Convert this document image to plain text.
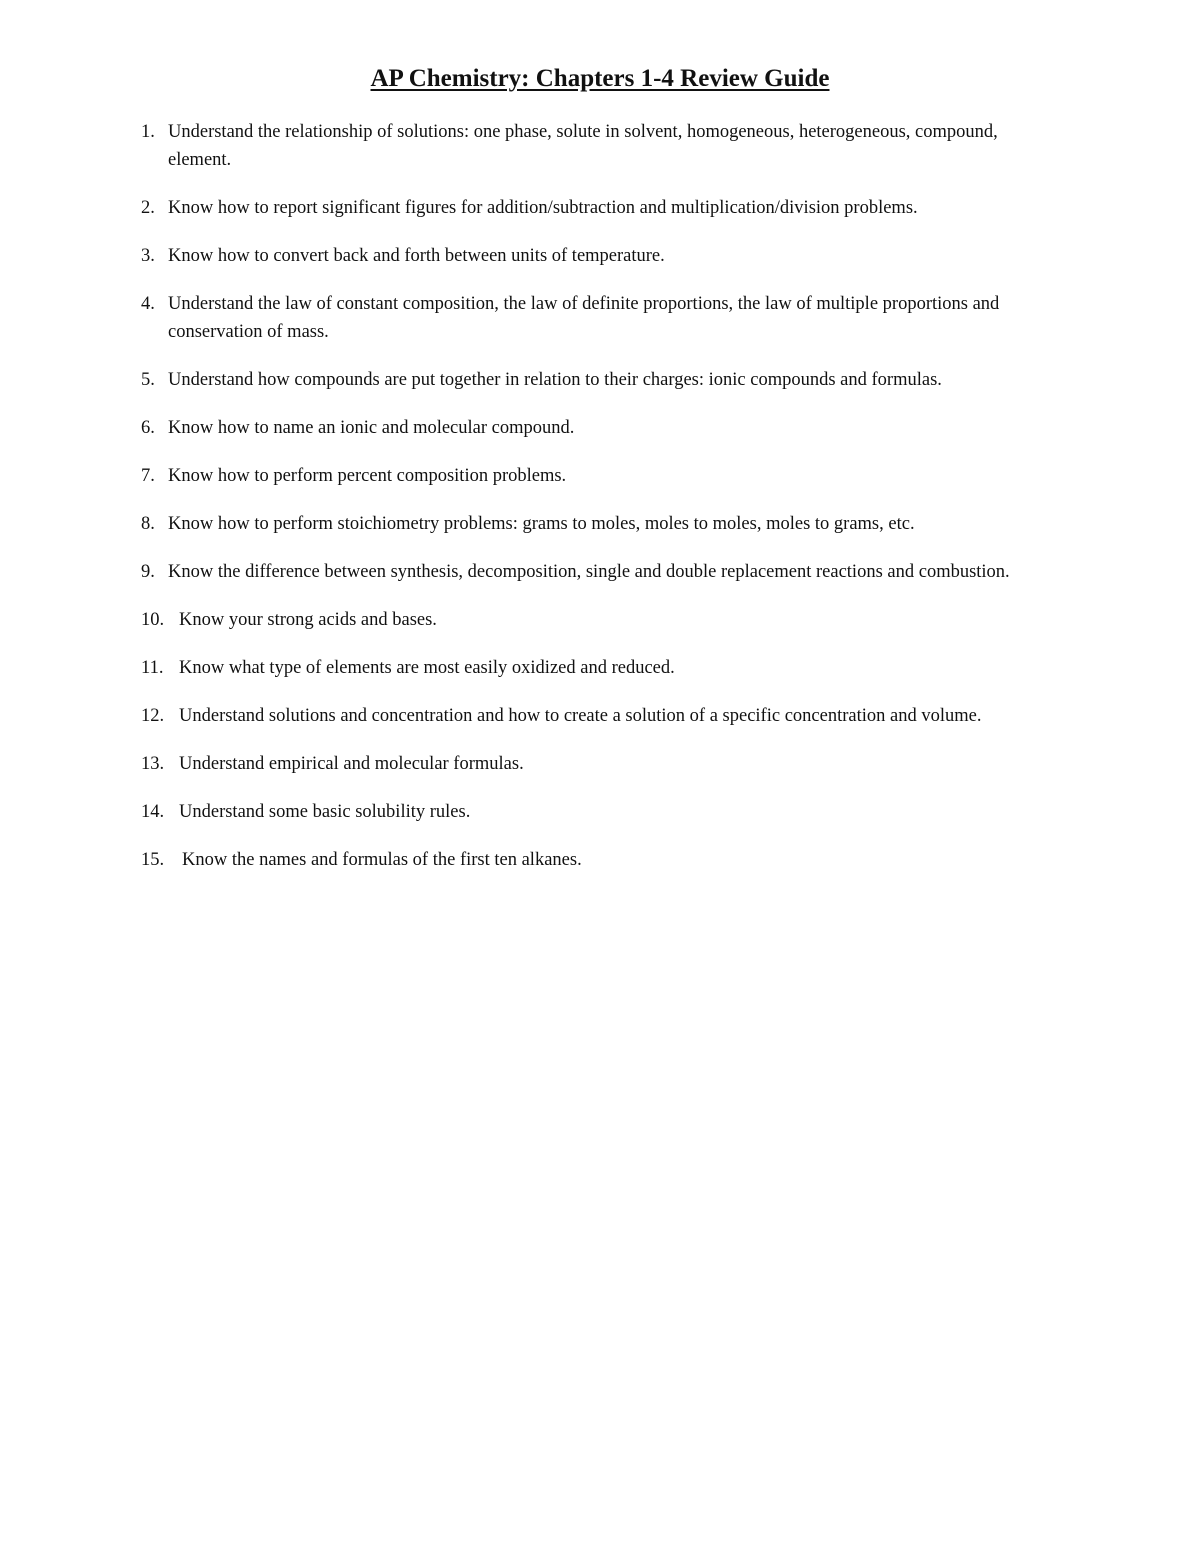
AP Chemistry: Chapters 1-4 Review Guide
1. Understand the relationship of solutions: one phase, solute in solvent, homogeneous, heterogeneous, compound, element.
2. Know how to report significant figures for addition/subtraction and multiplication/division problems.
3. Know how to convert back and forth between units of temperature.
4. Understand the law of constant composition, the law of definite proportions, the law of multiple proportions and conservation of mass.
5. Understand how compounds are put together in relation to their charges: ionic compounds and formulas.
6. Know how to name an ionic and molecular compound.
7. Know how to perform percent composition problems.
8. Know how to perform stoichiometry problems: grams to moles, moles to moles, moles to grams, etc.
9. Know the difference between synthesis, decomposition, single and double replacement reactions and combustion.
10. Know your strong acids and bases.
11. Know what type of elements are most easily oxidized and reduced.
12. Understand solutions and concentration and how to create a solution of a specific concentration and volume.
13. Understand empirical and molecular formulas.
14. Understand some basic solubility rules.
15. Know the names and formulas of the first ten alkanes.
